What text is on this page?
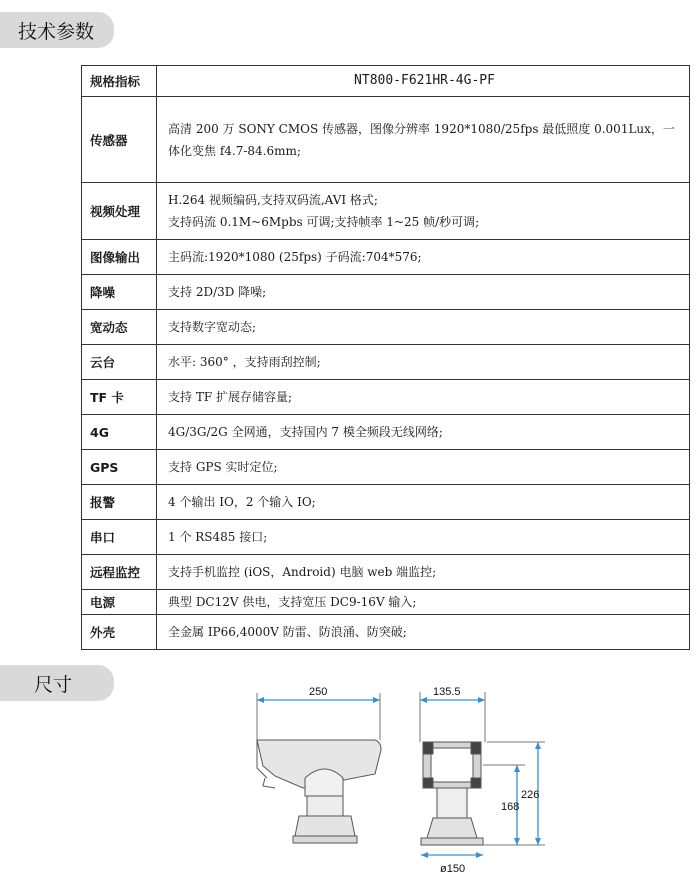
技术参数
规格指标	NT800-F621HR-4G-PF
传感器	高清 200 万 SONY CMOS 传感器，图像分辨率 1920*1080/25fps 最低照度 0.001Lux，一体化变焦 f4.7-84.6mm;
视频处理	H.264 视频编码,支持双码流,AVI 格式;
支持码流 0.1M~6Mpbs 可调;支持帧率 1~25 帧/秒可调;
图像输出	主码流:1920*1080 (25fps) 子码流:704*576;
降噪	支持 2D/3D 降噪;
宽动态	支持数字宽动态;
云台	水平: 360° ，支持雨刮控制;
TF 卡	支持 TF 扩展存储容量;
4G	4G/3G/2G 全网通，支持国内 7 模全频段无线网络;
GPS	支持 GPS 实时定位;
报警	4 个输出 IO，2 个输入 IO;
串口	1 个 RS485 接口;
远程监控	支持手机监控 (iOS，Android) 电脑 web 端监控;
电源	典型 DC12V 供电，支持宽压 DC9-16V 输入;
外壳	全金属 IP66,4000V 防雷、防浪涌、防突破;
尺寸	250	135.5
168
226
ø150
